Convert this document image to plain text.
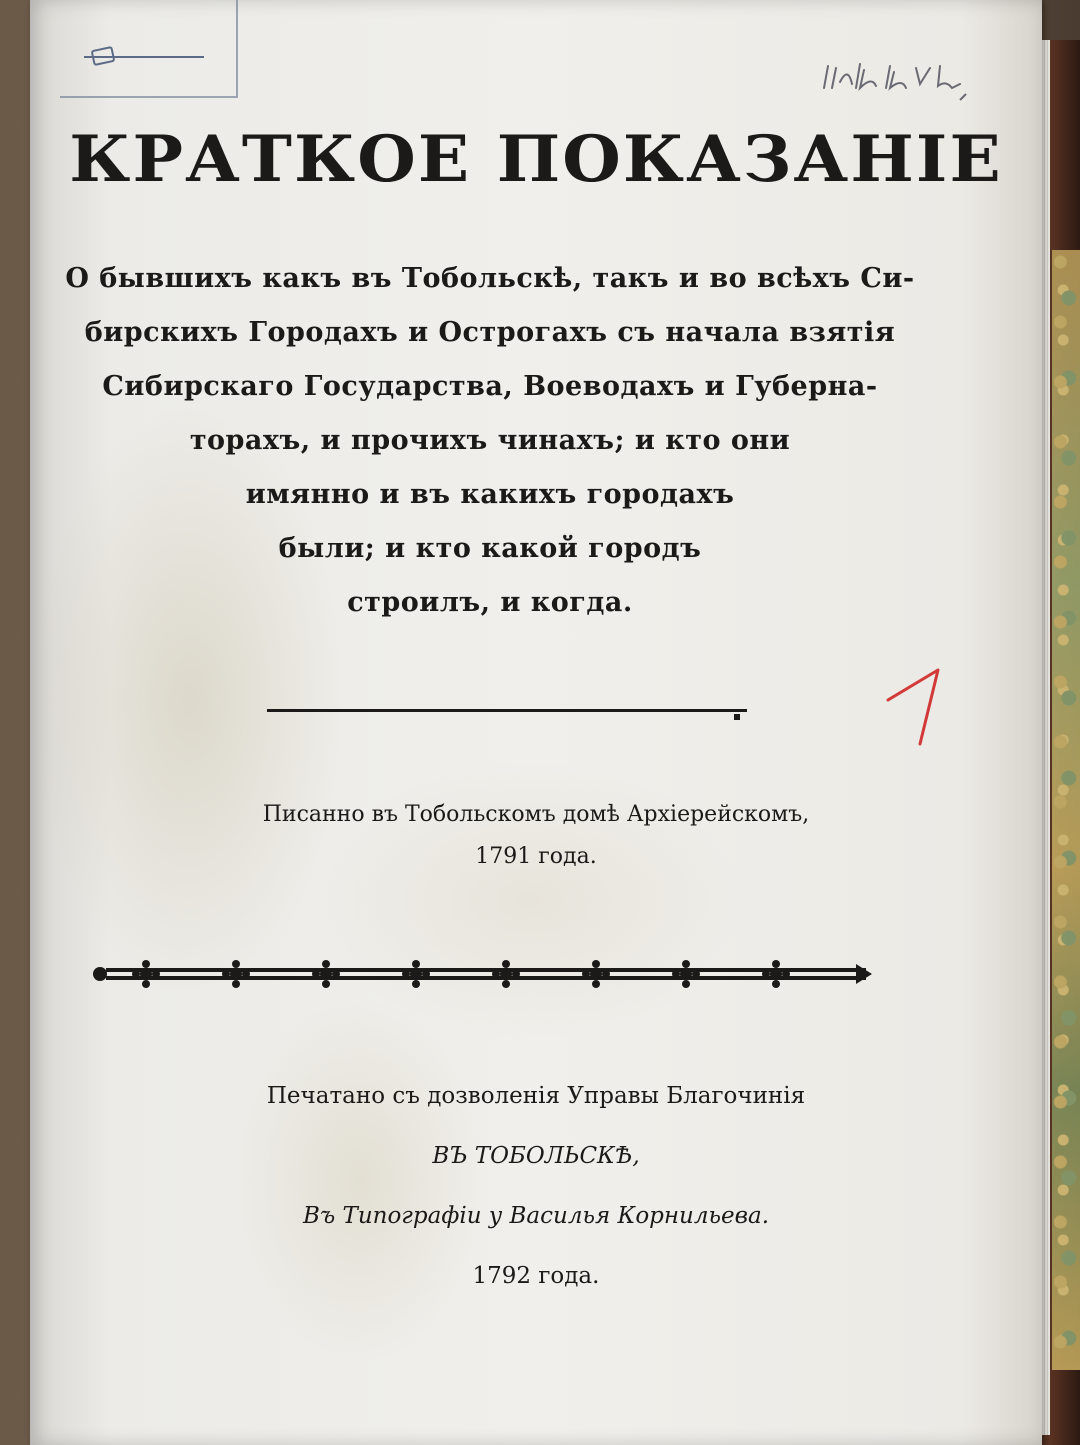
КРАТКОЕ ПОКАЗАНIЕ
О бывшихъ какъ въ Тобольскѣ, такъ и во всѣхъ Си-
бирскихъ Городахъ и Острогахъ съ начала взятiя
Сибирскаго Государства, Воеводахъ и Губерна-
торахъ, и прочихъ чинахъ; и кто они
имянно и въ какихъ городахъ
были; и кто какой городъ
строилъ, и когда.
Писанно въ Тобольскомъ домѣ Архiерейскомъ,
1791 года.
Печатано съ дозволенiя Управы Благочинiя
ВЪ ТОБОЛЬСКѢ,
Въ Типографiи у Василья Корнильева.
1792 года.
